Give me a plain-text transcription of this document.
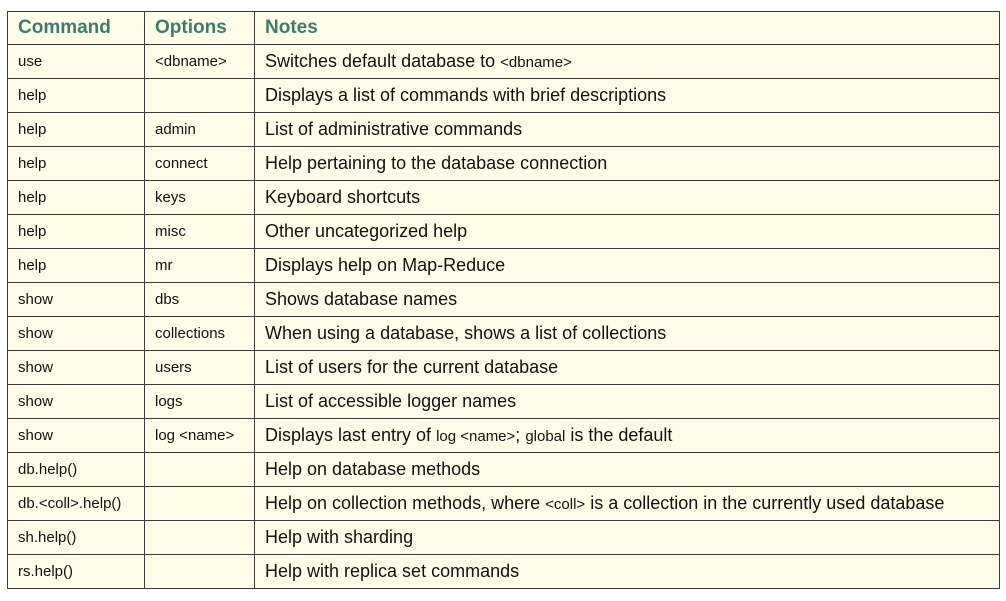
Command	Options	Notes
use	<dbname>	Switches default database to <dbname>
help		Displays a list of commands with brief descriptions
help	admin	List of administrative commands
help	connect	Help pertaining to the database connection
help	keys	Keyboard shortcuts
help	misc	Other uncategorized help
help	mr	Displays help on Map-Reduce
show	dbs	Shows database names
show	collections	When using a database, shows a list of collections
show	users	List of users for the current database
show	logs	List of accessible logger names
show	log <name>	Displays last entry of log <name>; global is the default
db.help()		Help on database methods
db.<coll>.help()		Help on collection methods, where <coll> is a collection in the currently used database
sh.help()		Help with sharding
rs.help()		Help with replica set commands
